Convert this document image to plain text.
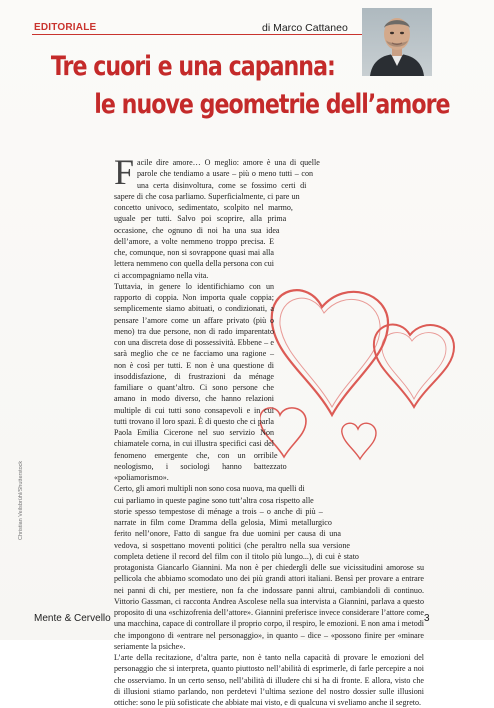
EDITORIALE	di Marco Cattaneo
Tre cuori e una capanna:
le nuove geometrie dell’amore

Facile dire amore… O meglio: amore è una di quelle parole che tendiamo a usare – più o meno tutti – con una certa disinvoltura, come se fossimo certi di sapere di che cosa parliamo. Superficialmente, ci pare un concetto univoco, sedimentato, scolpito nel marmo, uguale per tutti. Salvo poi scoprire, alla prima occasione, che ognuno di noi ha una sua idea dell’amore, a volte nemmeno troppo precisa. E che, comunque, non si sovrappone quasi mai alla lettera nemmeno con quella della persona con cui ci accompagniamo nella vita.

Tuttavia, in genere lo identifichiamo con un rapporto di coppia. Non importa quale coppia; semplicemente siamo abituati, o condizionati, a pensare l’amore come un affare privato (più o meno) tra due persone, non di rado imparentato con una discreta dose di possessività. Ebbene – e sarà meglio che ce ne facciamo una ragione – non è così per tutti. E non è una questione di insoddisfazione, di frustrazioni da ménage familiare o quant’altro. Ci sono persone che amano in modo diverso, che hanno relazioni multiple di cui tutti sono consapevoli e in cui tutti trovano il loro spazi. È di questo che ci parla Paola Emilia Cicerone nel suo servizio Non chiamatele corna, in cui illustra specifici casi del fenomeno emergente che, con un orribile neologismo, i sociologi hanno battezzato «poliamorismo».

Certo, gli amori multipli non sono cosa nuova, ma quelli di cui parliamo in queste pagine sono tutt’altra cosa rispetto alle storie spesso tempestose di ménage a trois – o anche di più – narrate in film come Dramma della gelosia, Mimì metallurgico ferito nell’onore, Fatto di sangue fra due uomini per causa di una vedova, si sospettano moventi politici (che peraltro nella sua versione completa detiene il record del film con il titolo più lungo...), di cui è stato protagonista Giancarlo Giannini. Ma non è per chiedergli delle sue vicissitudini amorose su pellicola che abbiamo scomodato uno dei più grandi attori italiani. Bensì per provare a entrare nei panni di chi, per mestiere, non fa che indossare panni altrui, cambiandoli di continuo. Vittorio Gassman, ci racconta Andrea Ascolese nella sua intervista a Giannini, parlava a questo proposito di una «schizofrenia dell’attore». Giannini preferisce invece considerare l’attore come una macchina, capace di controllare il proprio corpo, il respiro, le emozioni. E non ama i metodi che impongono di «entrare nel personaggio», in quanto – dice – «possono finire per «minare seriamente la psiche».

L’arte della recitazione, d’altra parte, non è tanto nella capacità di provare le emozioni del personaggio che si interpreta, quanto piuttosto nell’abilità di esprimerle, di farle percepire a noi che osserviamo. In un certo senso, nell’abilità di illudere chi si ha di fronte. E allora, visto che di illusioni stiamo parlando, non perdetevi l’ultima sezione del nostro dossier sulle illusioni ottiche: sono le più sofisticate che abbiate mai visto, e di qualcuna vi sveliamo anche il segreto.

Christian Veilsbrühl/Shutterstock
Mente & Cervello	3
